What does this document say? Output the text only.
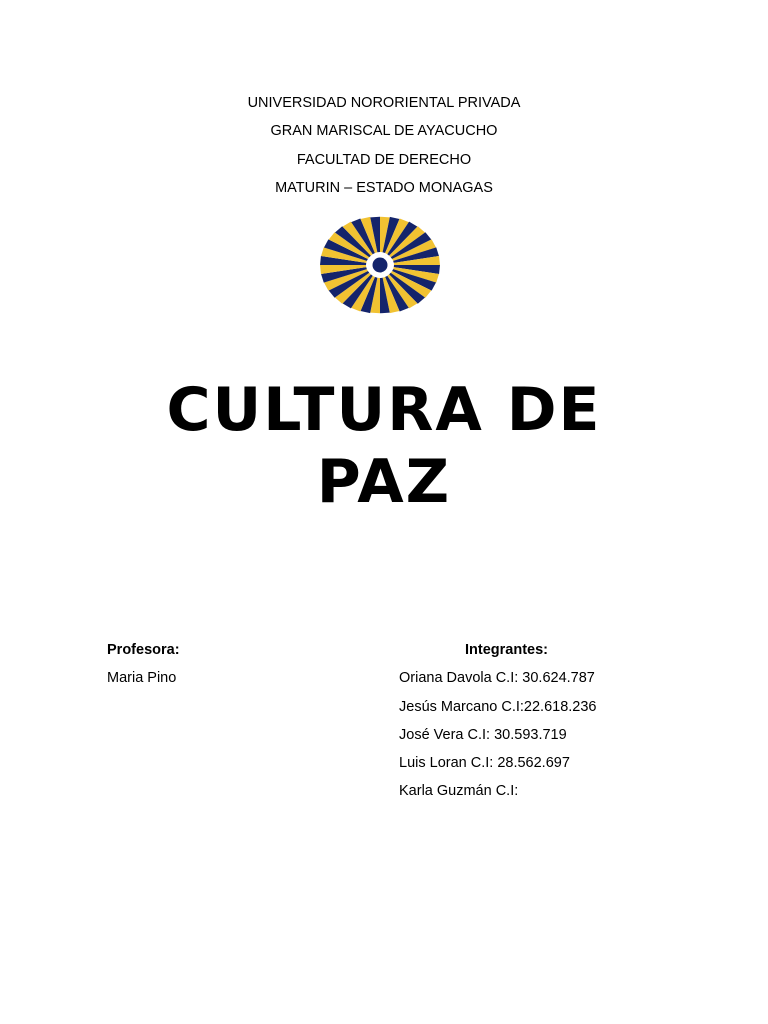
UNIVERSIDAD NORORIENTAL PRIVADA
GRAN MARISCAL DE AYACUCHO
FACULTAD DE DERECHO
MATURIN – ESTADO MONAGAS
CULTURA DE
PAZ
Profesora:
Maria Pino
Integrantes:
Oriana Davola C.I: 30.624.787
Jesús Marcano C.I:22.618.236
José Vera C.I: 30.593.719
Luis Loran C.I: 28.562.697
Karla Guzmán C.I:
